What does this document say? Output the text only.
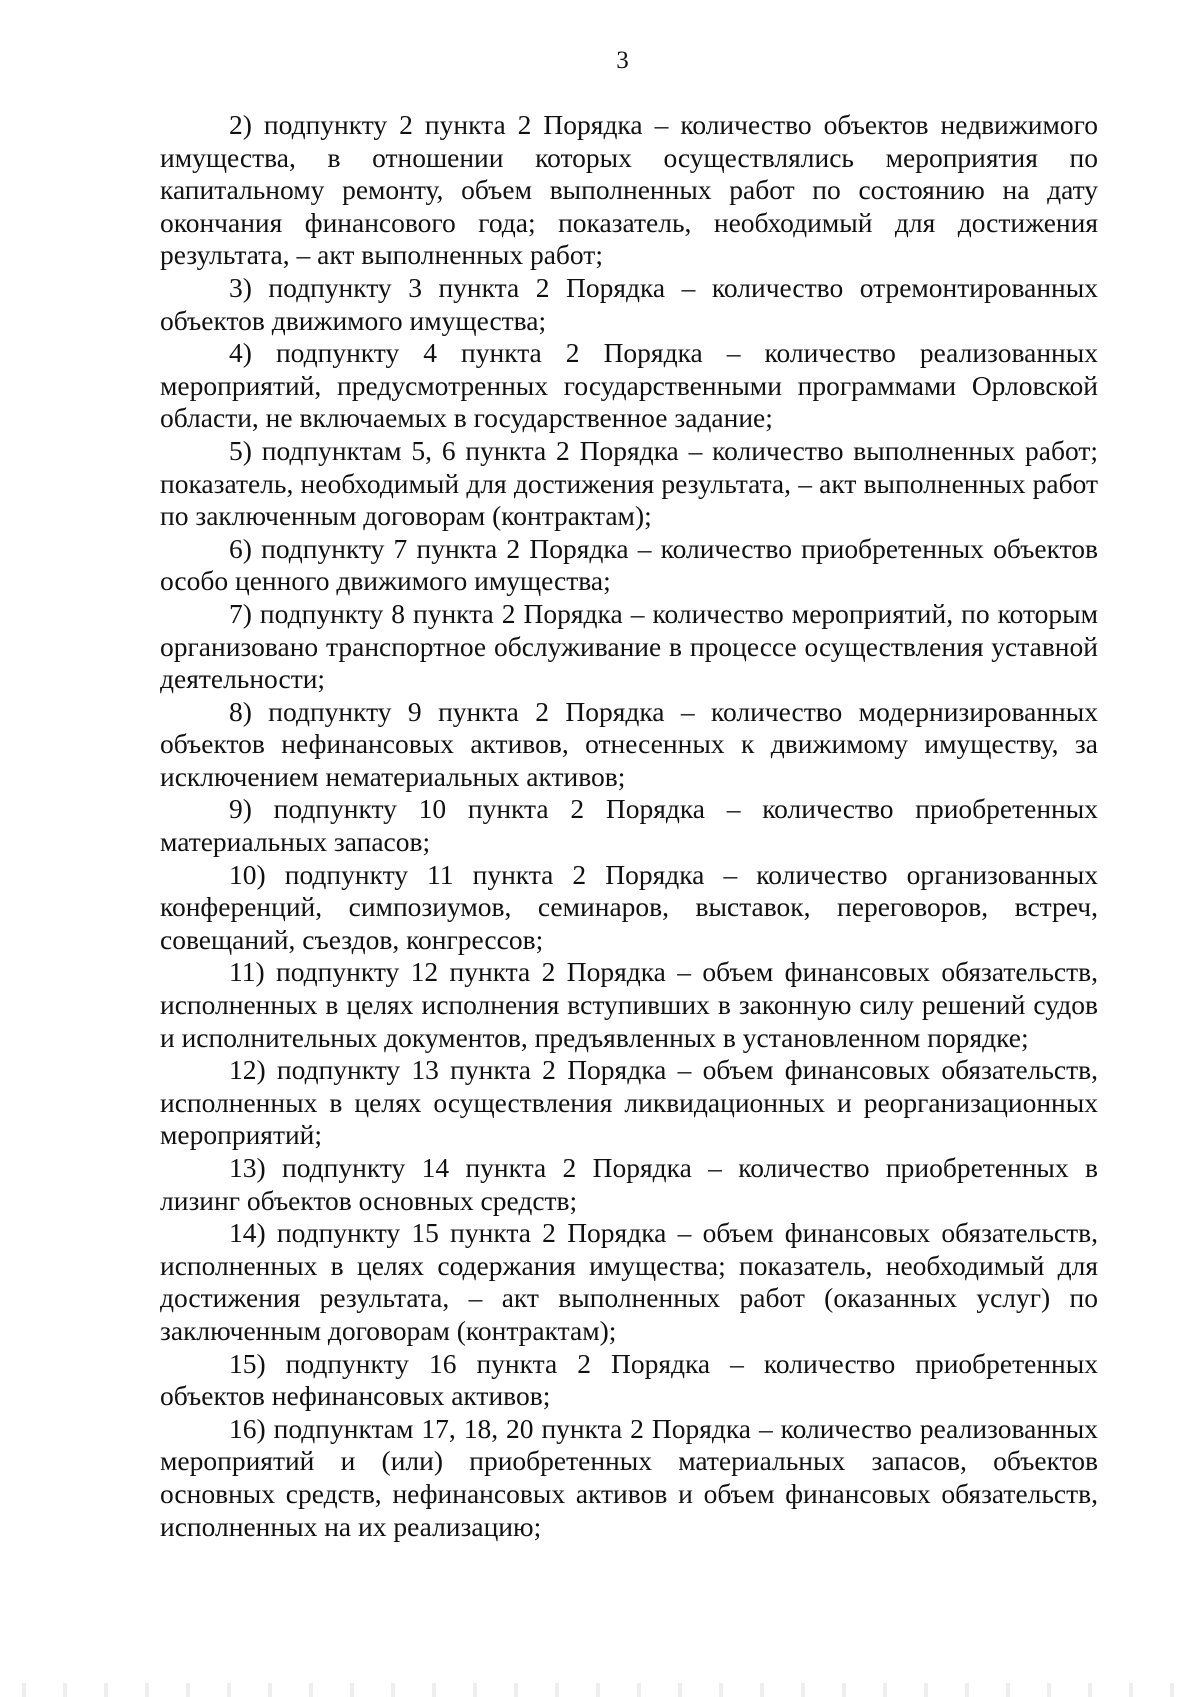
3

2) подпункту 2 пункта 2 Порядка – количество объектов недвижимого имущества, в отношении которых осуществлялись мероприятия по капитальному ремонту, объем выполненных работ по состоянию на дату окончания финансового года; показатель, необходимый для достижения результата, – акт выполненных работ;

3) подпункту 3 пункта 2 Порядка – количество отремонтированных объектов движимого имущества;

4) подпункту 4 пункта 2 Порядка – количество реализованных мероприятий, предусмотренных государственными программами Орловской области, не включаемых в государственное задание;

5) подпунктам 5, 6 пункта 2 Порядка – количество выполненных работ; показатель, необходимый для достижения результата, – акт выполненных работ по заключенным договорам (контрактам);

6) подпункту 7 пункта 2 Порядка – количество приобретенных объектов особо ценного движимого имущества;

7) подпункту 8 пункта 2 Порядка – количество мероприятий, по которым организовано транспортное обслуживание в процессе осуществления уставной деятельности;

8) подпункту 9 пункта 2 Порядка – количество модернизированных объектов нефинансовых активов, отнесенных к движимому имуществу, за исключением нематериальных активов;

9) подпункту 10 пункта 2 Порядка – количество приобретенных материальных запасов;

10) подпункту 11 пункта 2 Порядка – количество организованных конференций, симпозиумов, семинаров, выставок, переговоров, встреч, совещаний, съездов, конгрессов;

11) подпункту 12 пункта 2 Порядка – объем финансовых обязательств, исполненных в целях исполнения вступивших в законную силу решений судов и исполнительных документов, предъявленных в установленном порядке;

12) подпункту 13 пункта 2 Порядка – объем финансовых обязательств, исполненных в целях осуществления ликвидационных и реорганизационных мероприятий;

13) подпункту 14 пункта 2 Порядка – количество приобретенных в лизинг объектов основных средств;

14) подпункту 15 пункта 2 Порядка – объем финансовых обязательств, исполненных в целях содержания имущества; показатель, необходимый для достижения результата, – акт выполненных работ (оказанных услуг) по заключенным договорам (контрактам);

15) подпункту 16 пункта 2 Порядка – количество приобретенных объектов нефинансовых активов;

16) подпунктам 17, 18, 20 пункта 2 Порядка – количество реализованных мероприятий и (или) приобретенных материальных запасов, объектов основных средств, нефинансовых активов и объем финансовых обязательств, исполненных на их реализацию;
